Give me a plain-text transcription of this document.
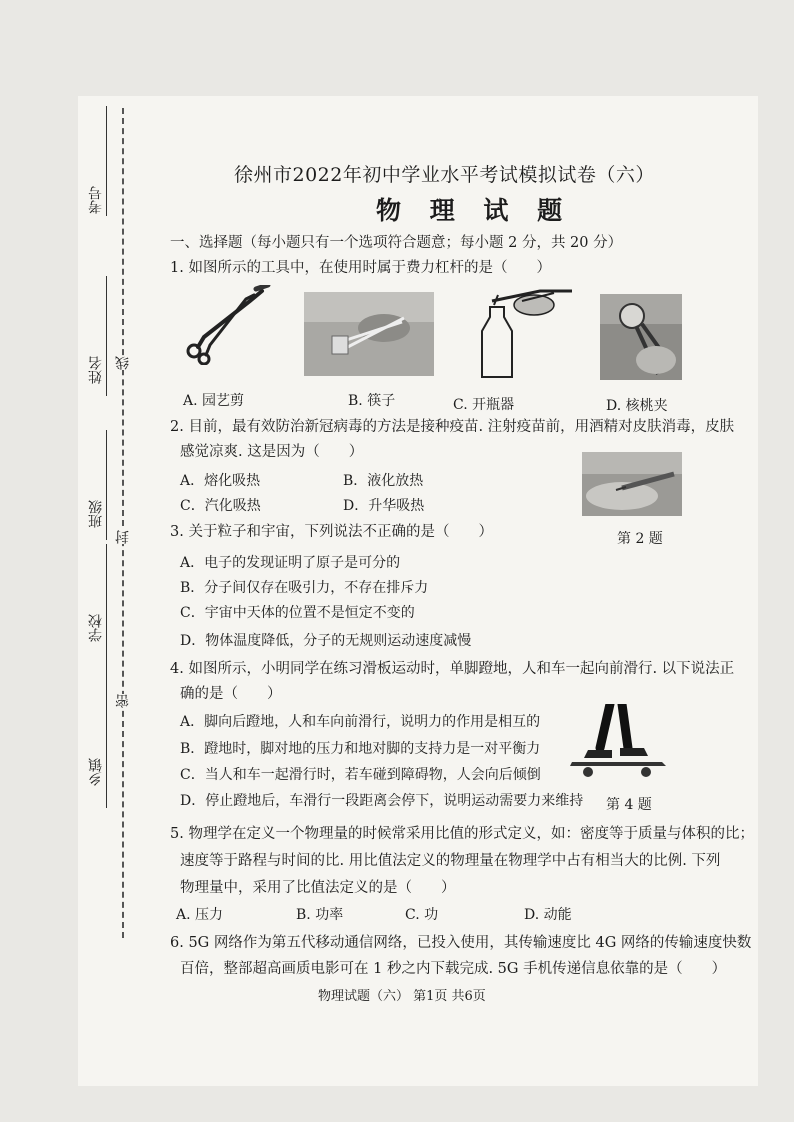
线
封
密
考号
姓名
班级
学校
乡镇
徐州市2022年初中学业水平考试模拟试卷（六）
物 理 试 题
一、选择题（每小题只有一个选项符合题意；每小题 2 分，共 20 分）
1. 如图所示的工具中，在使用时属于费力杠杆的是（　　）
A. 园艺剪	B. 筷子	C. 开瓶器	D. 核桃夹
2. 目前，最有效防治新冠病毒的方法是接种疫苗. 注射疫苗前，用酒精对皮肤消毒，皮肤
感觉凉爽. 这是因为（　　）
A．熔化吸热	B．液化放热
C．汽化吸热	D．升华吸热
第 2 题
3. 关于粒子和宇宙，下列说法不正确的是（　　）
A．电子的发现证明了原子是可分的
B．分子间仅存在吸引力，不存在排斥力
C．宇宙中天体的位置不是恒定不变的
D．物体温度降低，分子的无规则运动速度减慢
4. 如图所示，小明同学在练习滑板运动时，单脚蹬地，人和车一起向前滑行. 以下说法正
确的是（　　）
A．脚向后蹬地，人和车向前滑行，说明力的作用是相互的
B．蹬地时，脚对地的压力和地对脚的支持力是一对平衡力
C．当人和车一起滑行时，若车碰到障碍物，人会向后倾倒
D．停止蹬地后，车滑行一段距离会停下，说明运动需要力来维持 第 4 题
5. 物理学在定义一个物理量的时候常采用比值的形式定义，如：密度等于质量与体积的比；
速度等于路程与时间的比. 用比值法定义的物理量在物理学中占有相当大的比例. 下列
物理量中，采用了比值法定义的是（　　）
A. 压力	B. 功率	C. 功	D. 动能
6. 5G 网络作为第五代移动通信网络，已投入使用，其传输速度比 4G 网络的传输速度快数
百倍，整部超高画质电影可在 1 秒之内下载完成. 5G 手机传递信息依靠的是（　　）
物理试题（六） 第1页 共6页
